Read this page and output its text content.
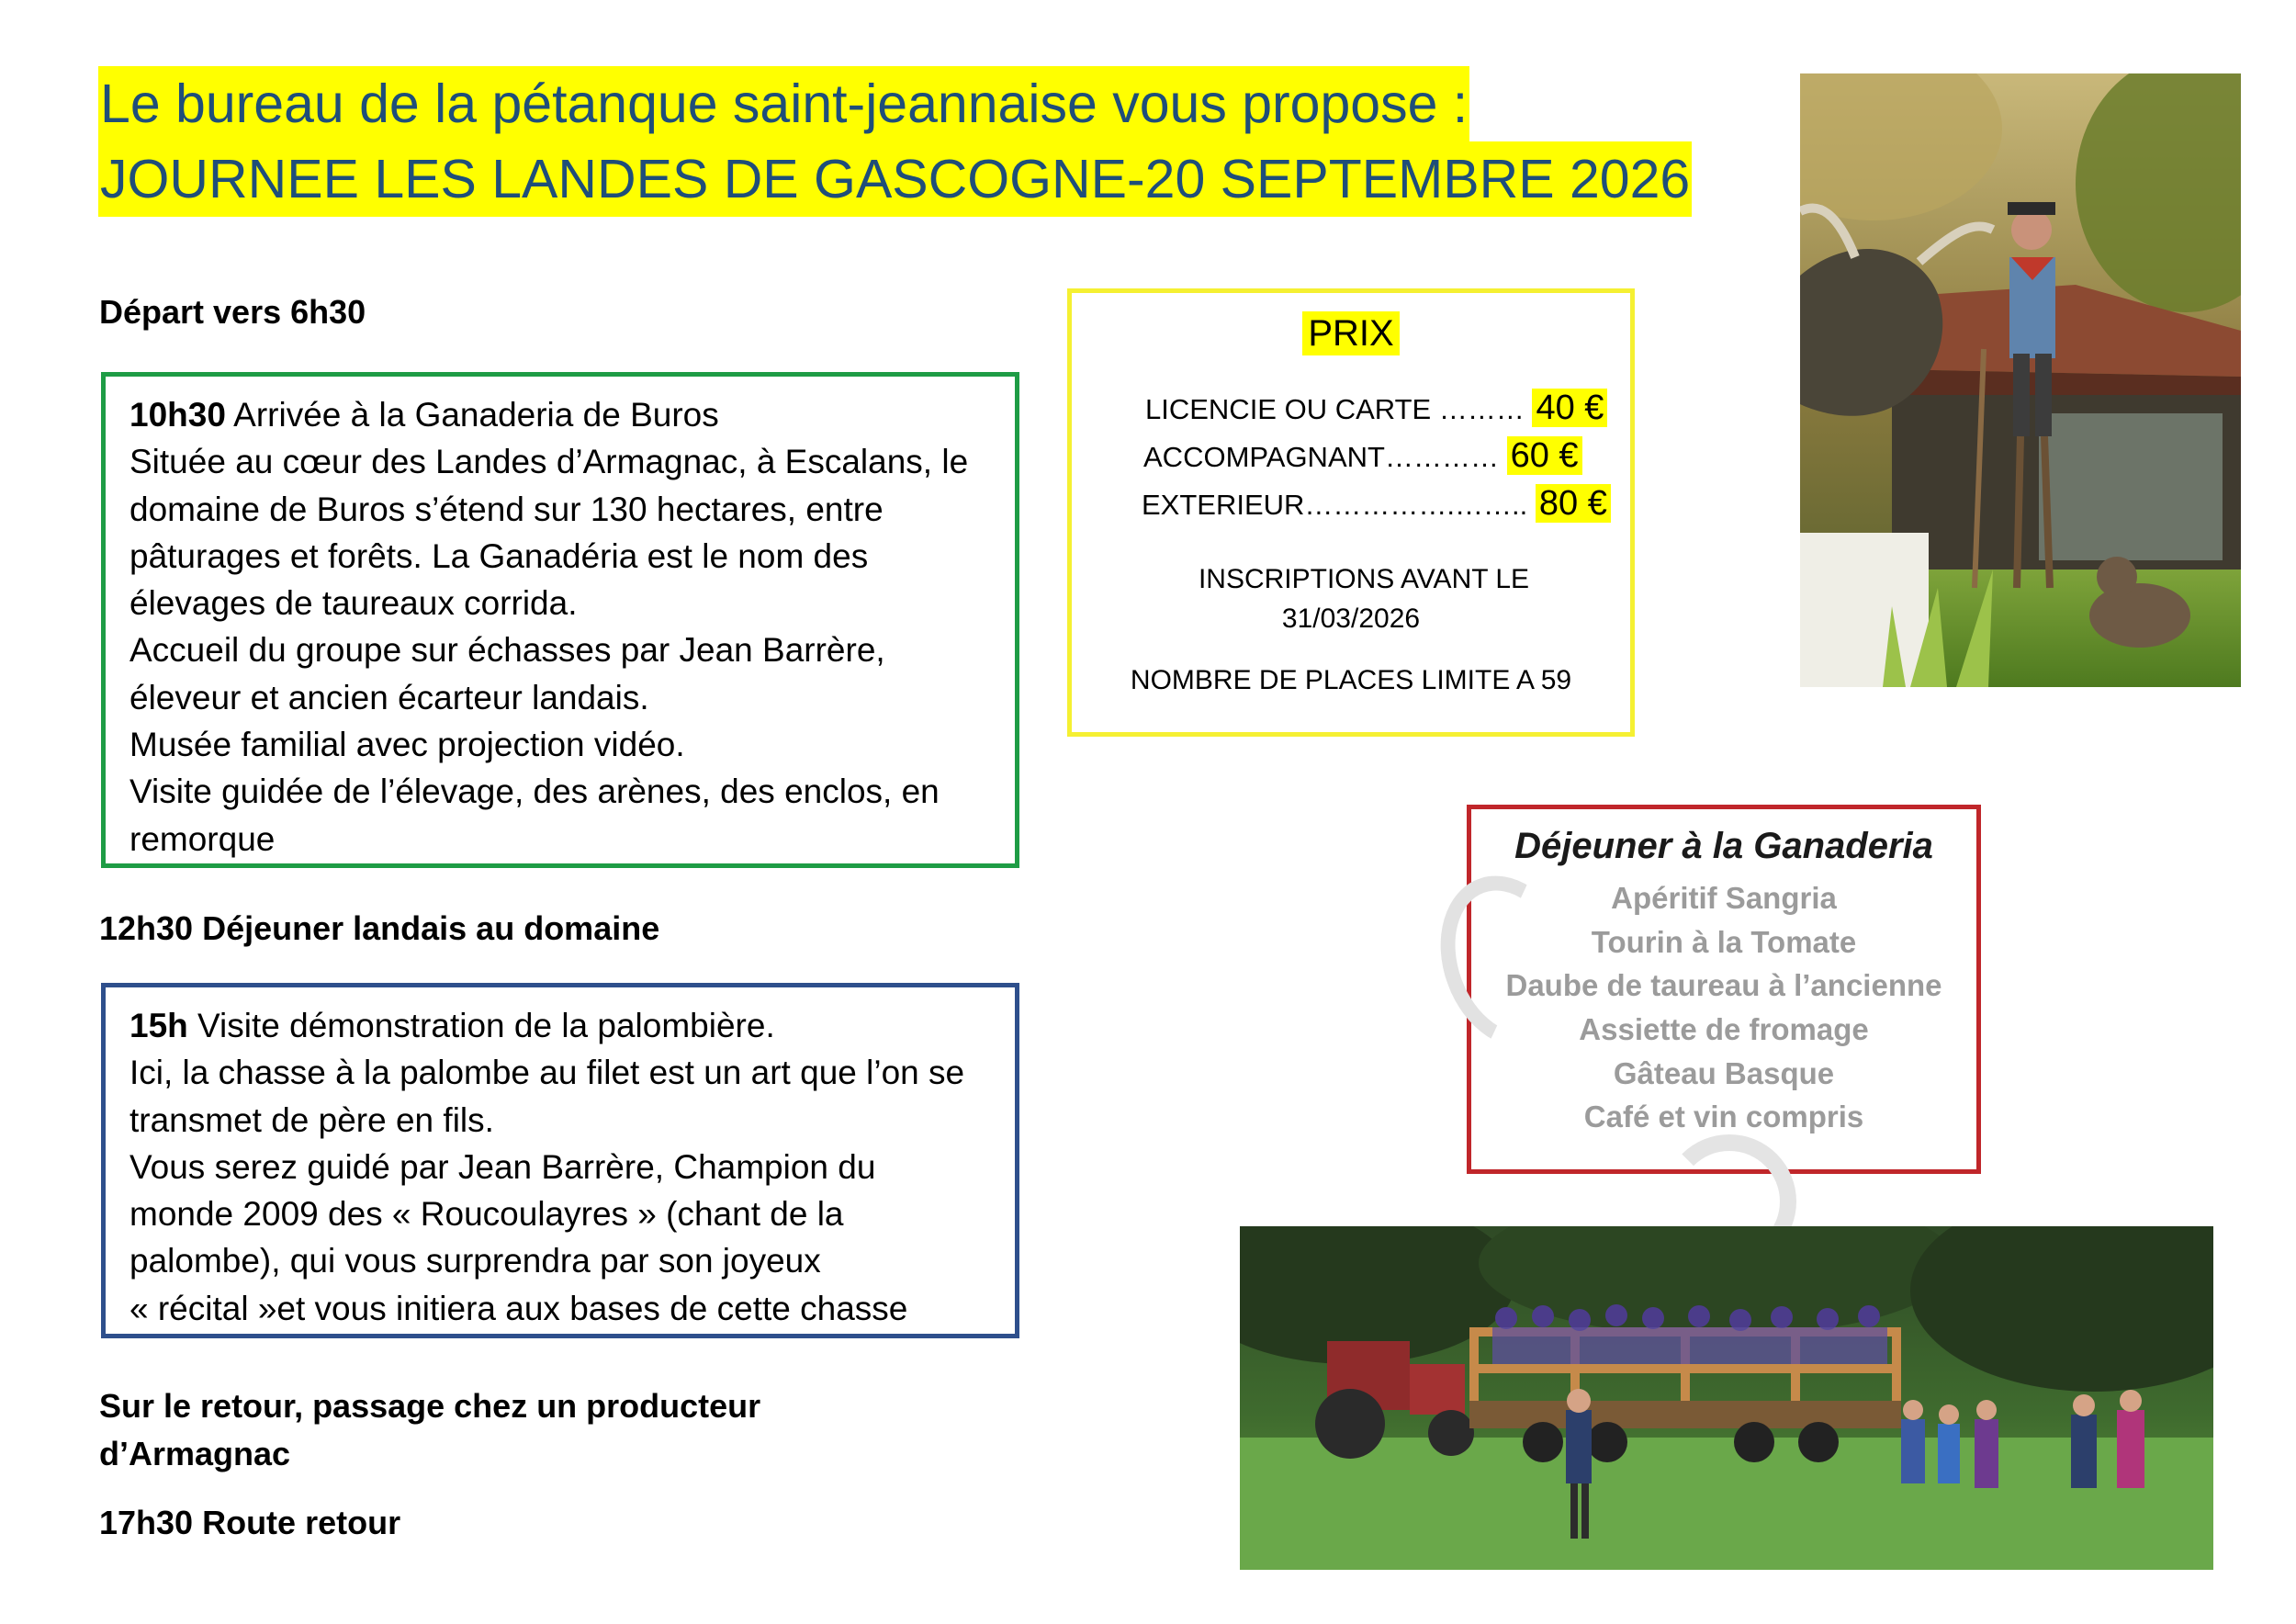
Le bureau de la pétanque saint-jeannaise vous propose :
JOURNEE LES LANDES DE GASCOGNE-20 SEPTEMBRE 2026
Départ vers 6h30

10h30 Arrivée à la Ganaderia de Buros

Située au cœur des Landes d’Armagnac, à Escalans, le

domaine de Buros s’étend sur 130 hectares, entre

pâturages et forêts. La Ganadéria est le nom des

élevages de taureaux corrida.

Accueil du groupe sur échasses par Jean Barrère,

éleveur et ancien écarteur landais.

Musée familial avec projection vidéo.

Visite guidée de l’élevage, des arènes, des enclos, en

remorque

12h30 Déjeuner landais au domaine

15h Visite démonstration de la palombière.

Ici, la chasse à la palombe au filet est un art que l’on se

transmet de père en fils.

Vous serez guidé par Jean Barrère, Champion du

monde 2009 des « Roucoulayres » (chant de la

palombe), qui vous surprendra par son joyeux

« récital »et vous initiera aux bases de cette chasse

Sur le retour, passage chez un producteur
d’Armagnac
17h30 Route retour
PRIX
LICENCIE OU CARTE ……… 40 €
ACCOMPAGNANT………… 60 €
EXTERIEUR…………….…….. 80 €
INSCRIPTIONS AVANT LE
31/03/2026
NOMBRE DE PLACES LIMITE A 59
Déjeuner à la Ganaderia
Apéritif Sangria
Tourin à la Tomate
Daube de taureau à l’ancienne
Assiette de fromage
Gâteau Basque
Café et vin compris
